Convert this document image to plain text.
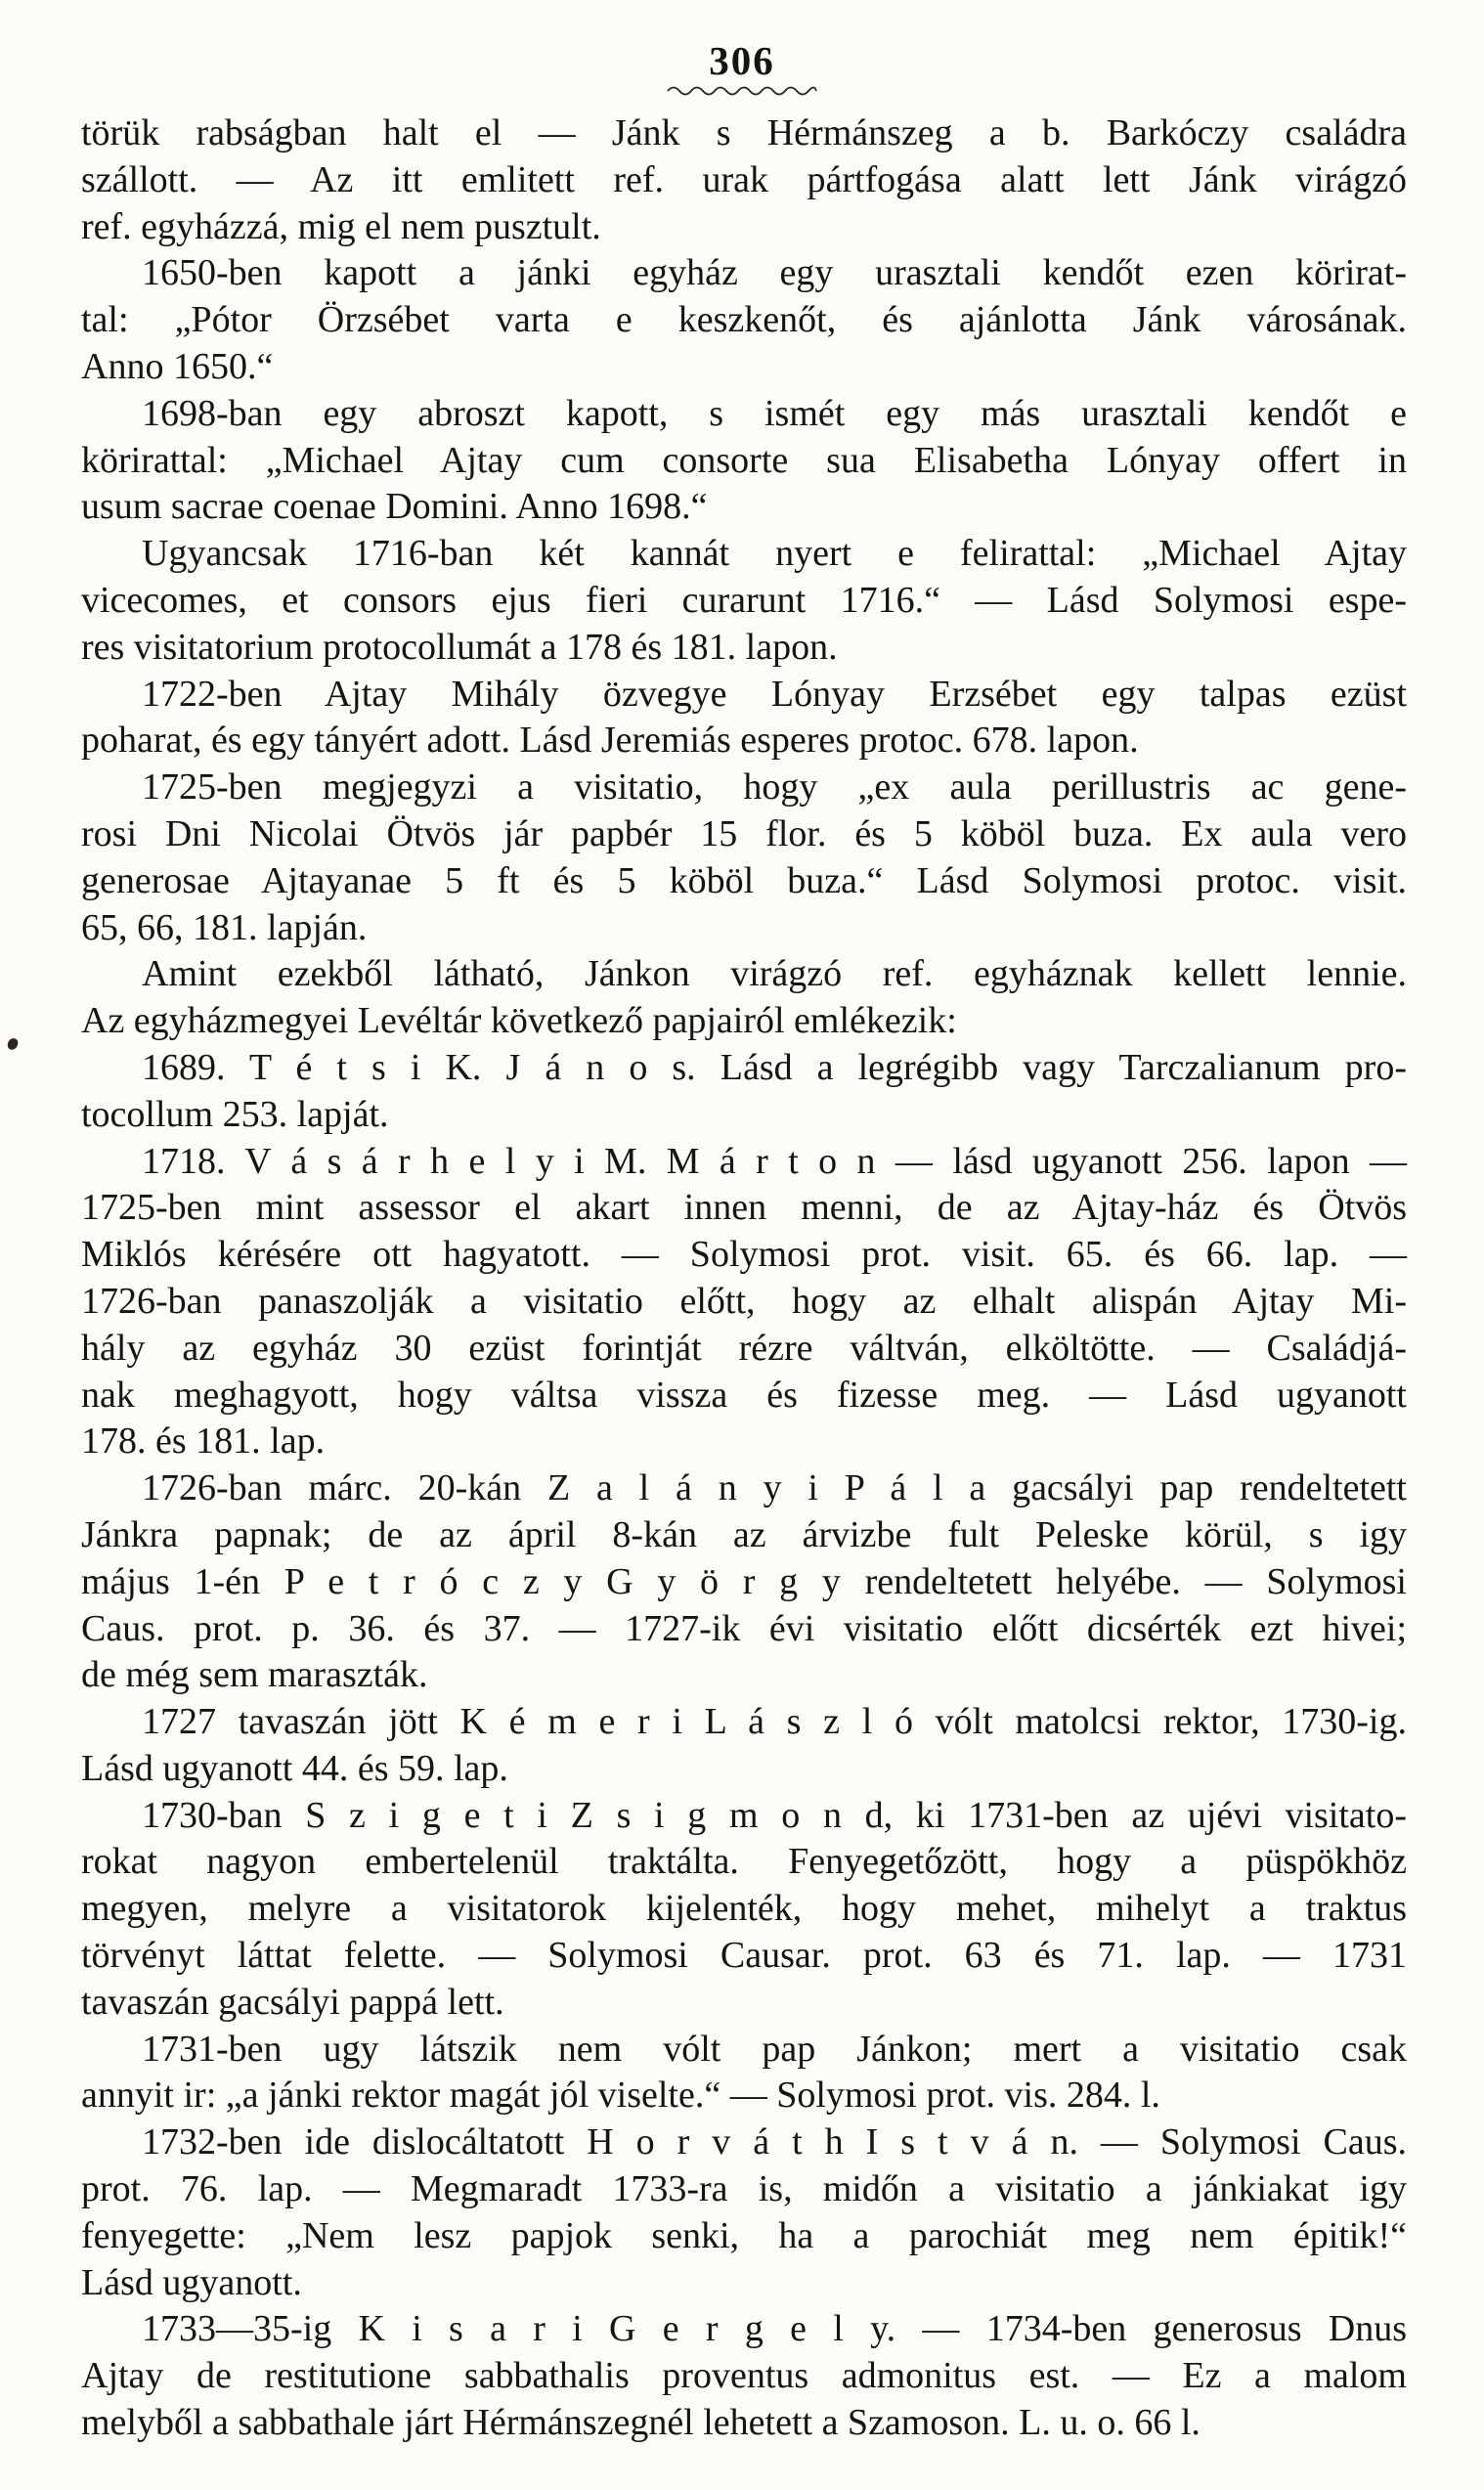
306

törük rabságban halt el — Jánk s Hérmánszeg a b. Barkóczy családra
szállott. — Az itt emlitett ref. urak pártfogása alatt lett Jánk virágzó
ref. egyházzá, mig el nem pusztult.

1650-ben kapott a jánki egyház egy urasztali kendőt ezen körirat-
tal: „Pótor Örzsébet varta e keszkenőt, és ajánlotta Jánk városának.
Anno 1650.“

1698-ban egy abroszt kapott, s ismét egy más urasztali kendőt e
körirattal: „Michael Ajtay cum consorte sua Elisabetha Lónyay offert in
usum sacrae coenae Domini. Anno 1698.“

Ugyancsak 1716-ban két kannát nyert e felirattal: „Michael Ajtay
vicecomes, et consors ejus fieri curarunt 1716.“ — Lásd Solymosi espe-
res visitatorium protocollumát a 178 és 181. lapon.

1722-ben Ajtay Mihály özvegye Lónyay Erzsébet egy talpas ezüst
poharat, és egy tányért adott. Lásd Jeremiás esperes protoc. 678. lapon.

1725-ben megjegyzi a visitatio, hogy „ex aula perillustris ac gene-
rosi Dni Nicolai Ötvös jár papbér 15 flor. és 5 köböl buza. Ex aula vero
generosae Ajtayanae 5 ft és 5 köböl buza.“ Lásd Solymosi protoc. visit.
65, 66, 181. lapján.

Amint ezekből látható, Jánkon virágzó ref. egyháznak kellett lennie.
Az egyházmegyei Levéltár következő papjairól emlékezik:

1689. T é t s i K. J á n o s. Lásd a legrégibb vagy Tarczalianum pro-
tocollum 253. lapját.

1718. V á s á r h e l y i M. M á r t o n — lásd ugyanott 256. lapon —
1725-ben mint assessor el akart innen menni, de az Ajtay-ház és Ötvös
Miklós kérésére ott hagyatott. — Solymosi prot. visit. 65. és 66. lap. —
1726-ban panaszolják a visitatio előtt, hogy az elhalt alispán Ajtay Mi-
hály az egyház 30 ezüst forintját rézre váltván, elköltötte. — Családjá-
nak meghagyott, hogy váltsa vissza és fizesse meg. — Lásd ugyanott
178. és 181. lap.

1726-ban márc. 20-kán Z a l á n y i P á l a gacsályi pap rendeltetett
Jánkra papnak; de az ápril 8-kán az árvizbe fult Peleske körül, s igy
május 1-én P e t r ó c z y G y ö r g y rendeltetett helyébe. — Solymosi
Caus. prot. p. 36. és 37. — 1727-ik évi visitatio előtt dicsérték ezt hivei;
de még sem maraszták.

1727 tavaszán jött K é m e r i L á s z l ó vólt matolcsi rektor, 1730-ig.
Lásd ugyanott 44. és 59. lap.

1730-ban S z i g e t i Z s i g m o n d, ki 1731-ben az ujévi visitato-
rokat nagyon embertelenül traktálta. Fenyegetőzött, hogy a püspökhöz
megyen, melyre a visitatorok kijelenték, hogy mehet, mihelyt a traktus
törvényt láttat felette. — Solymosi Causar. prot. 63 és 71. lap. — 1731
tavaszán gacsályi pappá lett.

1731-ben ugy látszik nem vólt pap Jánkon; mert a visitatio csak
annyit ir: „a jánki rektor magát jól viselte.“ — Solymosi prot. vis. 284. l.

1732-ben ide dislocáltatott H o r v á t h I s t v á n. — Solymosi Caus.
prot. 76. lap. — Megmaradt 1733-ra is, midőn a visitatio a jánkiakat igy
fenyegette: „Nem lesz papjok senki, ha a parochiát meg nem épitik!“
Lásd ugyanott.

1733—35-ig K i s a r i G e r g e l y. — 1734-ben generosus Dnus
Ajtay de restitutione sabbathalis proventus admonitus est. — Ez a malom
melyből a sabbathale járt Hérmánszegnél lehetett a Szamoson. L. u. o. 66 l.
